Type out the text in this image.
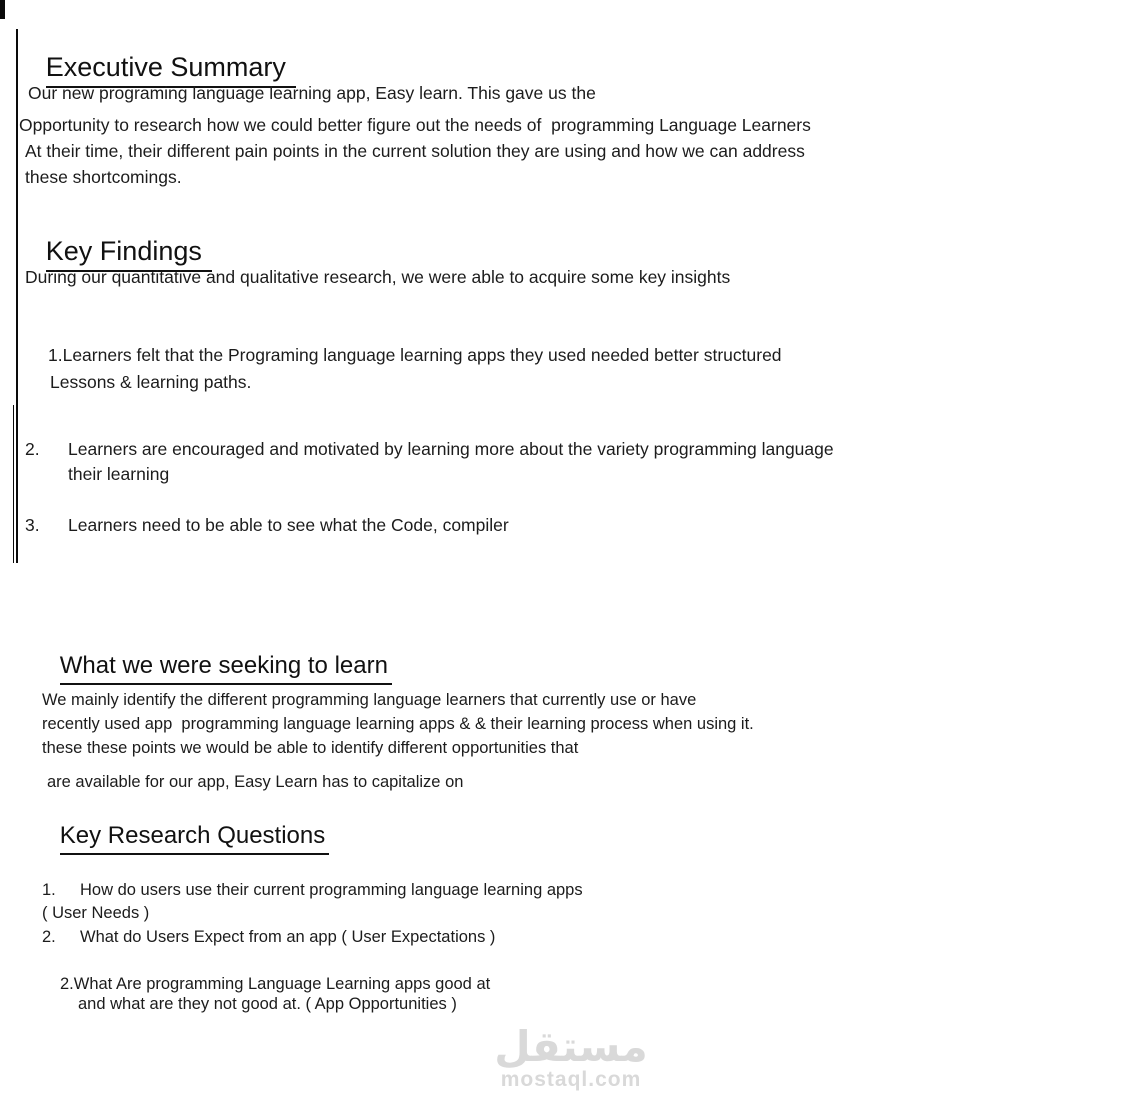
Executive Summary

Our new programing language learning app, Easy learn. This gave us the
Opportunity to research how we could better figure out the needs of  programming Language Learners
At their time, their different pain points in the current solution they are using and how we can address
these shortcomings.

Key Findings

During our quantitative and qualitative research, we were able to acquire some key insights
1.Learners felt that the Programing language learning apps they used needed better structured
Lessons & learning paths.
2. Learners are encouraged and motivated by learning more about the variety programming language
their learning
3. Learners need to be able to see what the Code, compiler

What we were seeking to learn

We mainly identify the different programming language learners that currently use or have
recently used app  programming language learning apps & & their learning process when using it.
these these points we would be able to identify different opportunities that
are available for our app, Easy Learn has to capitalize on

Key Research Questions

1. How do users use their current programming language learning apps
( User Needs )
2. What do Users Expect from an app ( User Expectations )
2.What Are programming Language Learning apps good at
and what are they not good at. ( App Opportunities )
مستقل
mostaql.com
